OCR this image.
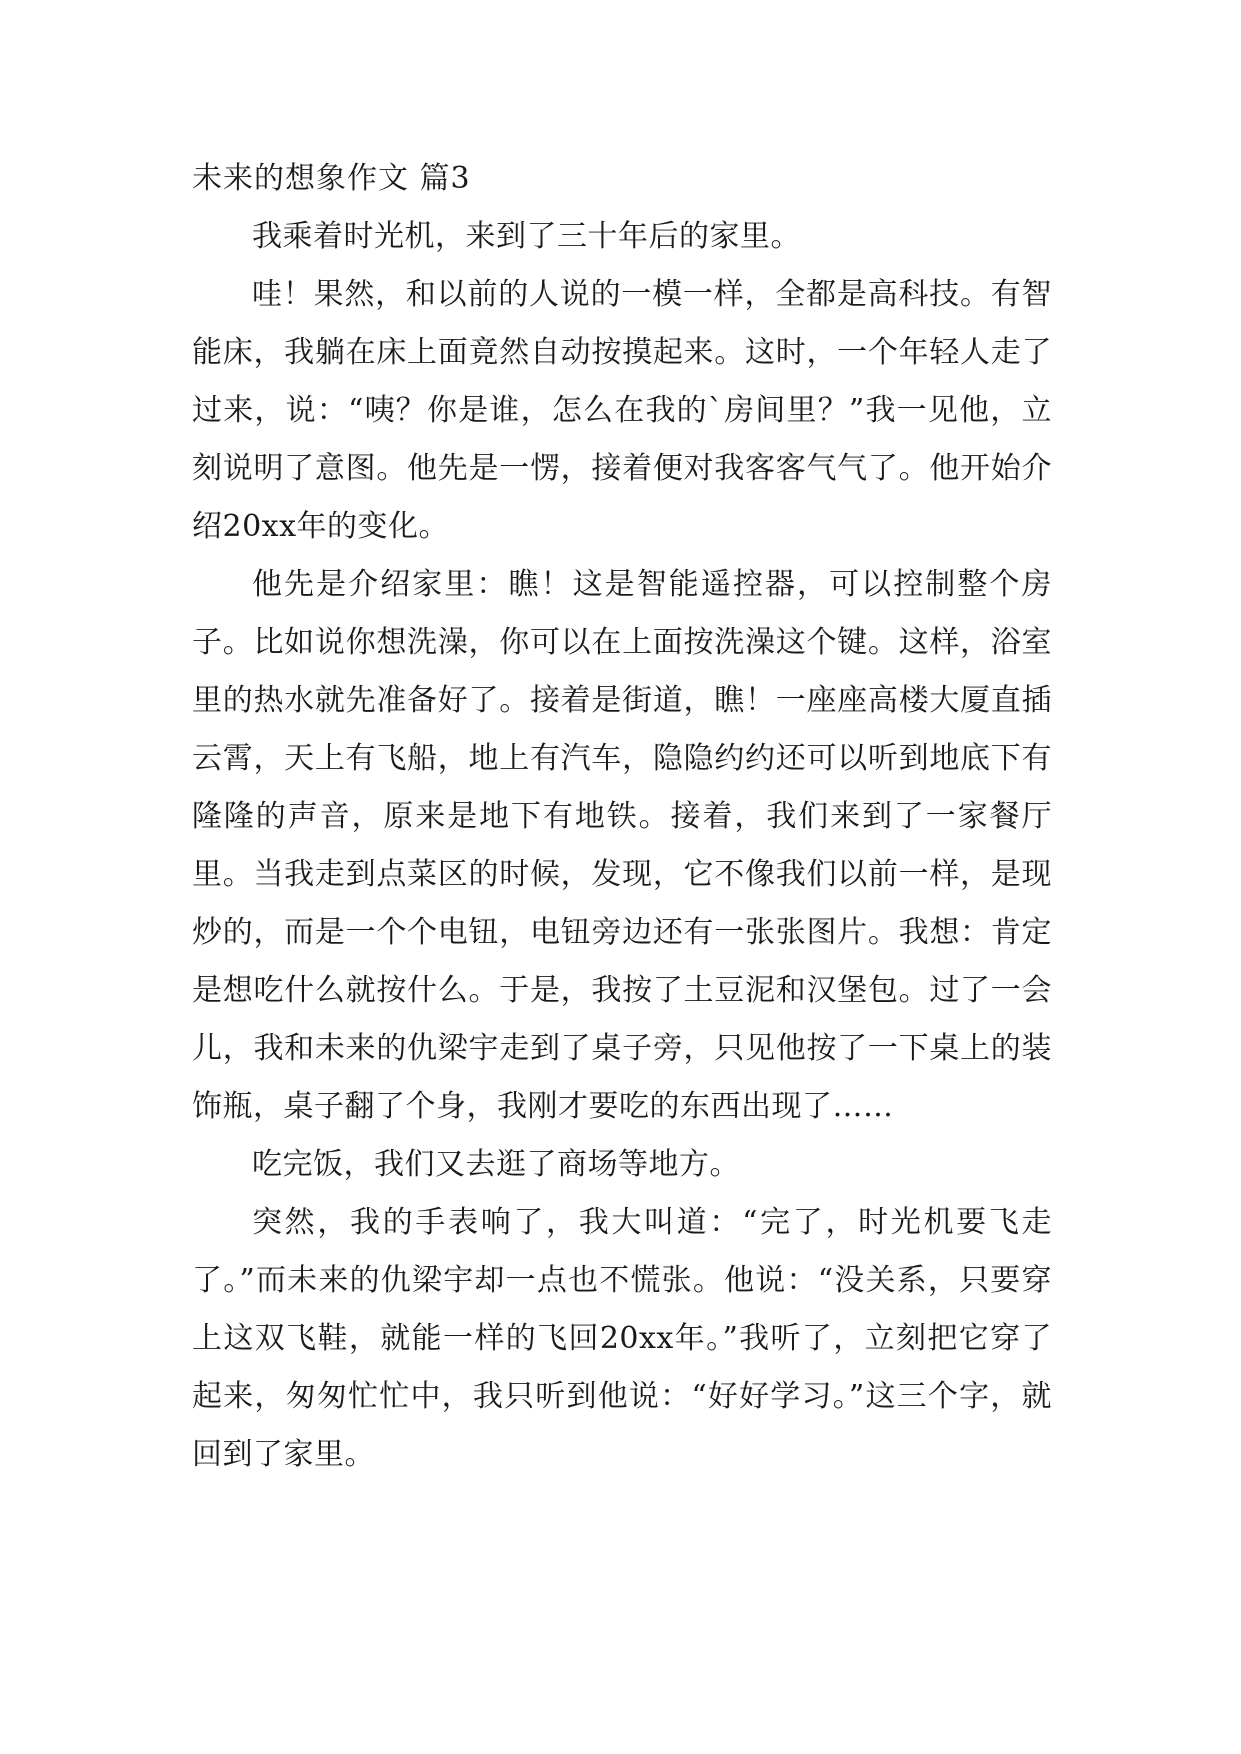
未来的想象作文 篇3

我乘着时光机，来到了三十年后的家里。

哇！果然，和以前的人说的一模一样，全都是高科技。有智能床，我躺在床上面竟然自动按摸起来。这时，一个年轻人走了过来，说：“咦？你是谁，怎么在我的`房间里？”我一见他，立刻说明了意图。他先是一愣，接着便对我客客气气了。他开始介绍20xx年的变化。

他先是介绍家里：瞧！这是智能遥控器，可以控制整个房子。比如说你想洗澡，你可以在上面按洗澡这个键。这样，浴室里的热水就先准备好了。接着是街道，瞧！一座座高楼大厦直插云霄，天上有飞船，地上有汽车，隐隐约约还可以听到地底下有隆隆的声音，原来是地下有地铁。接着，我们来到了一家餐厅里。当我走到点菜区的时候，发现，它不像我们以前一样，是现炒的，而是一个个电钮，电钮旁边还有一张张图片。我想：肯定是想吃什么就按什么。于是，我按了土豆泥和汉堡包。过了一会儿，我和未来的仇梁宇走到了桌子旁，只见他按了一下桌上的装饰瓶，桌子翻了个身，我刚才要吃的东西出现了……

吃完饭，我们又去逛了商场等地方。

突然，我的手表响了，我大叫道：“完了，时光机要飞走了。”而未来的仇梁宇却一点也不慌张。他说：“没关系，只要穿上这双飞鞋，就能一样的飞回20xx年。”我听了，立刻把它穿了起来，匆匆忙忙中，我只听到他说：“好好学习。”这三个字，就回到了家里。
